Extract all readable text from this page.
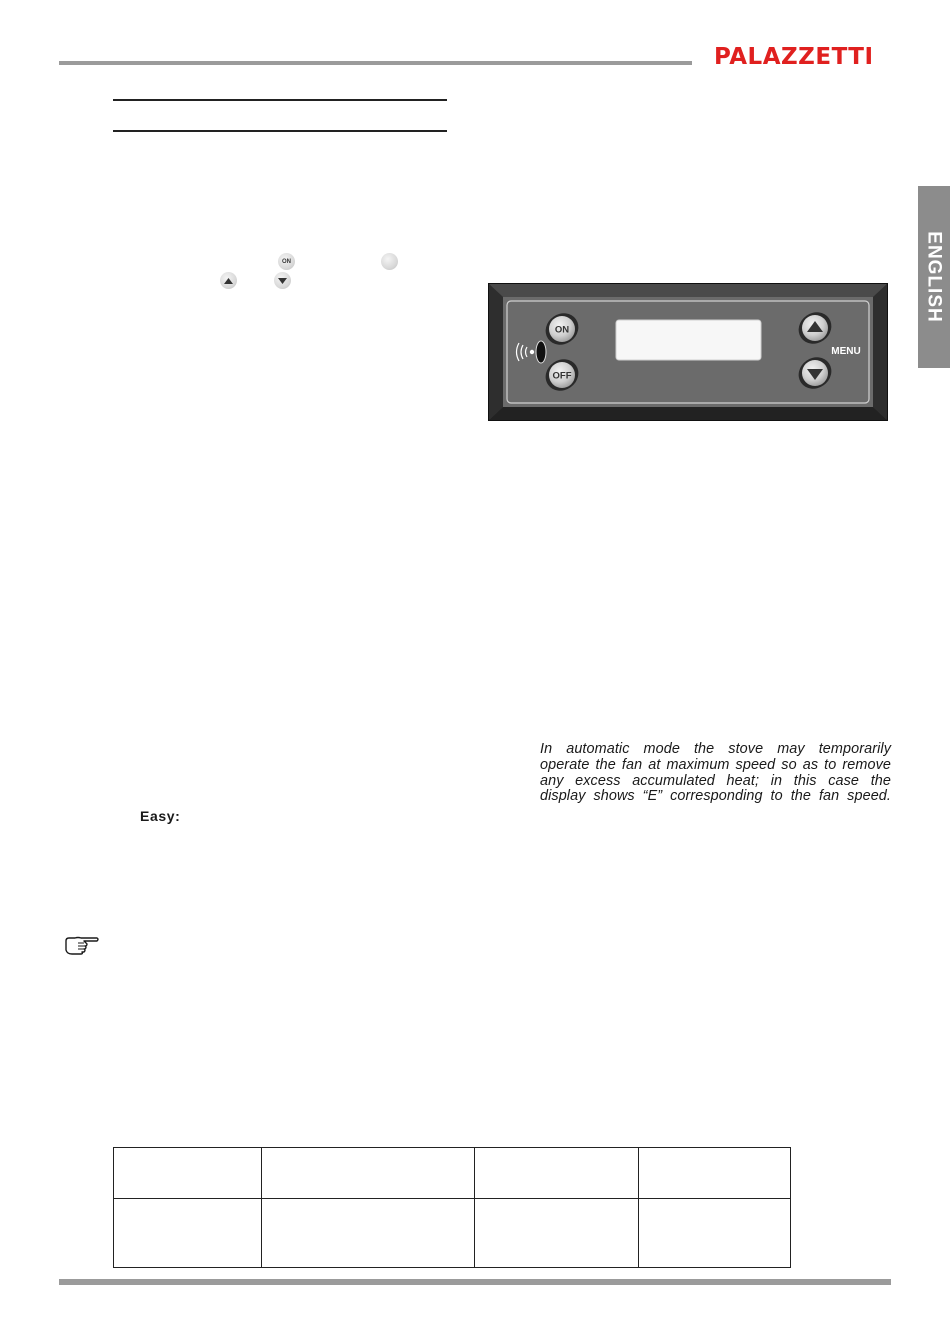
PALAZZETTI
ENGLISH
ON
ON
OFF
MENU
In automatic mode the stove may temporarily
operate the fan at maximum speed so as to remove
any excess accumulated heat; in this case the
display shows “E” corresponding to the fan speed.
Easy:
